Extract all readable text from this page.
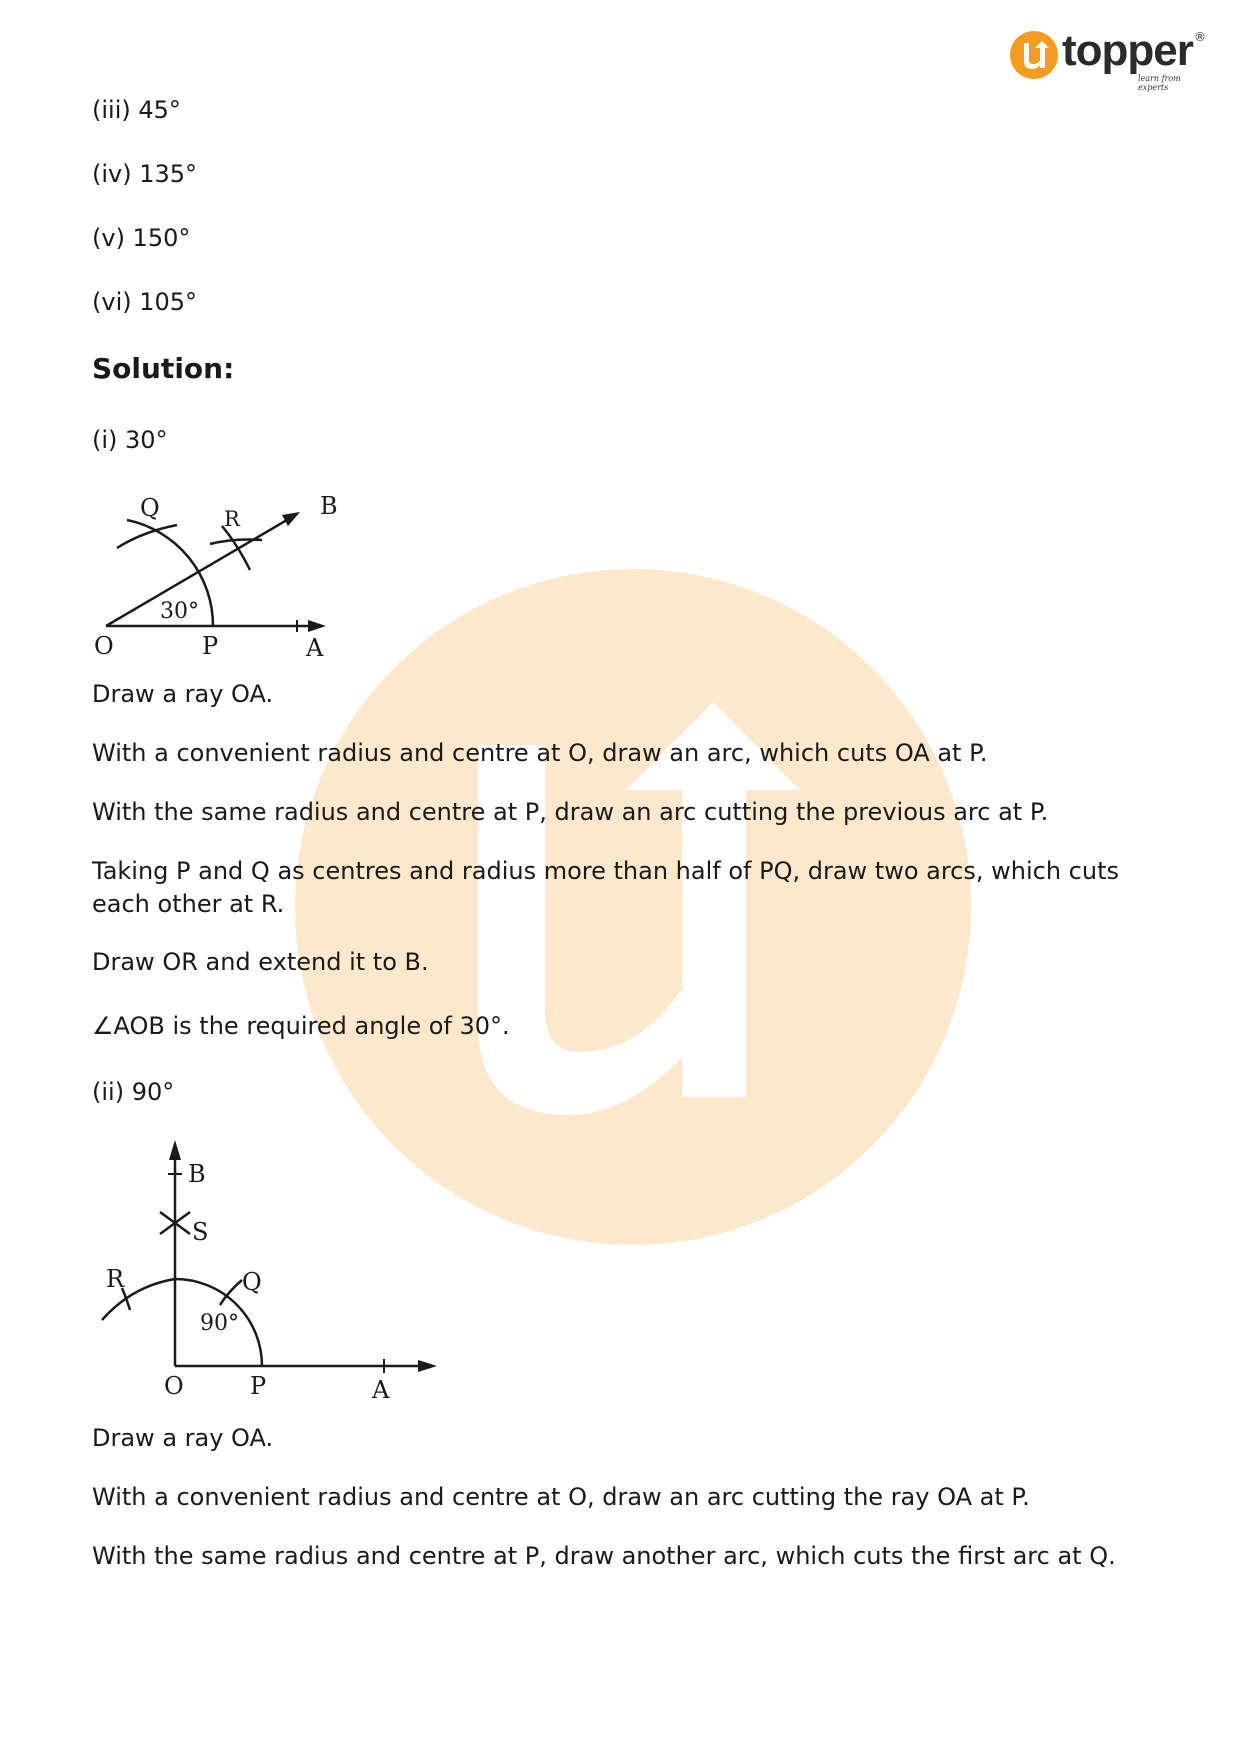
topper ®
learn from experts

(iii) 45°

(iv) 135°

(v) 150°

(vi) 105°

Solution:

(i) 30°

30°
O	P	A
Q	R	B

Draw a ray OA.

With a convenient radius and centre at O, draw an arc, which cuts OA at P.

With the same radius and centre at P, draw an arc cutting the previous arc at P.

Taking P and Q as centres and radius more than half of PQ, draw two arcs, which cuts each other at R.

Draw OR and extend it to B.

∠AOB is the required angle of 30°.

(ii) 90°

90°
O	P	A
Q
R
S
B

Draw a ray OA.

With a convenient radius and centre at O, draw an arc cutting the ray OA at P.

With the same radius and centre at P, draw another arc, which cuts the first arc at Q.
